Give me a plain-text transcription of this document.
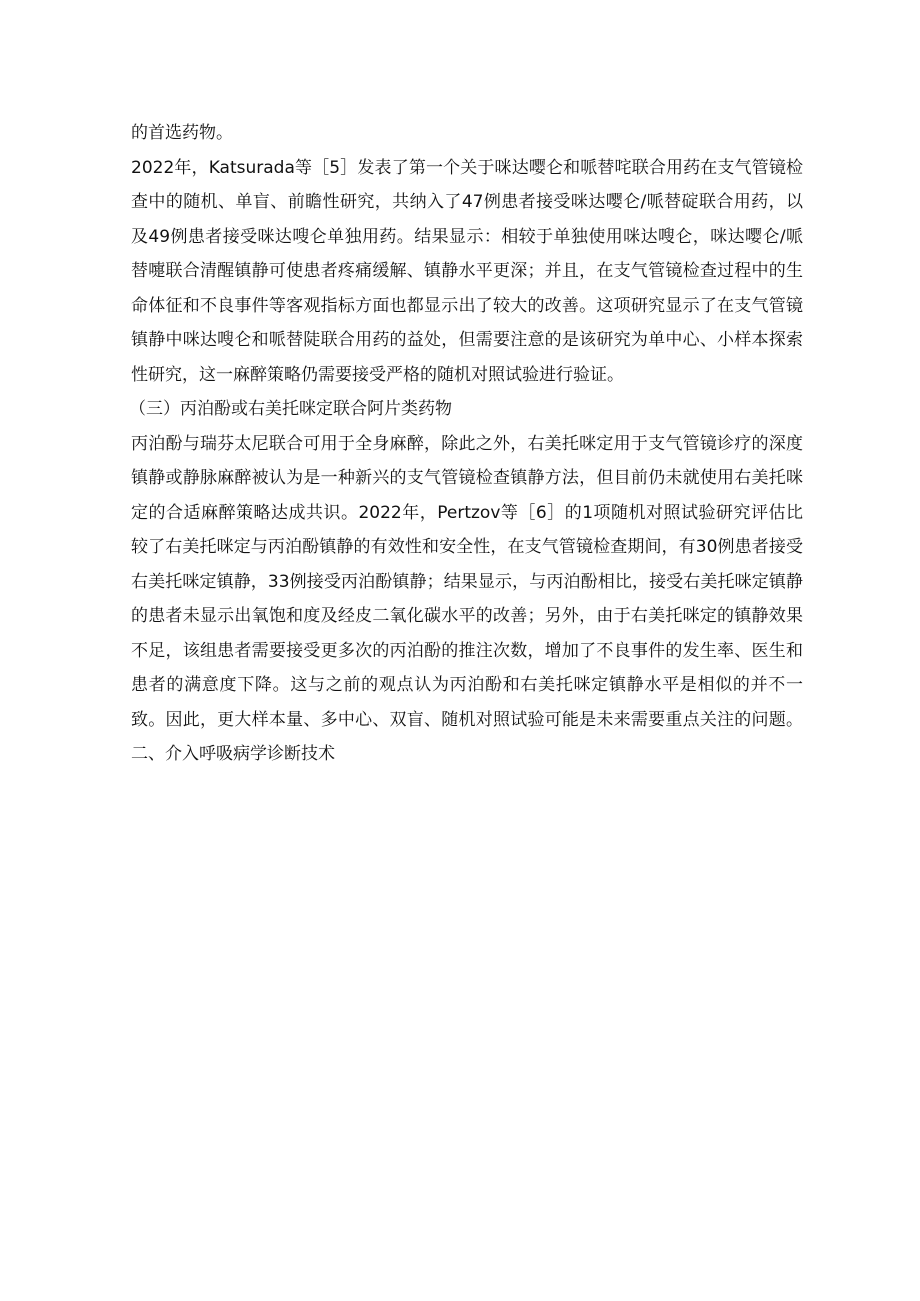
的首选药物。

2022年，Katsurada等［5］发表了第一个关于咪达嘤仑和哌替咤联合用药在支气管镜检查中的随机、单盲、前瞻性研究，共纳入了47例患者接受咪达嘤仑/哌替碇联合用药，以及49例患者接受咪达嗖仑单独用药。结果显示：相较于单独使用咪达嗖仑，咪达嘤仑/哌替嚏联合清醒镇静可使患者疼痛缓解、镇静水平更深；并且，在支气管镜检查过程中的生命体征和不良事件等客观指标方面也都显示出了较大的改善。这项研究显示了在支气管镜镇静中咪达嗖仑和哌替陡联合用药的益处，但需要注意的是该研究为单中心、小样本探索性研究，这一麻醉策略仍需要接受严格的随机对照试验进行验证。

（三）丙泊酚或右美托咪定联合阿片类药物

丙泊酚与瑞芬太尼联合可用于全身麻醉，除此之外，右美托咪定用于支气管镜诊疗的深度镇静或静脉麻醉被认为是一种新兴的支气管镜检查镇静方法，但目前仍未就使用右美托咪定的合适麻醉策略达成共识。2022年，Pertzov等［6］的1项随机对照试验研究评估比较了右美托咪定与丙泊酚镇静的有效性和安全性，在支气管镜检查期间，有30例患者接受右美托咪定镇静，33例接受丙泊酚镇静；结果显示，与丙泊酚相比，接受右美托咪定镇静的患者未显示出氧饱和度及经皮二氧化碳水平的改善；另外，由于右美托咪定的镇静效果不足，该组患者需要接受更多次的丙泊酚的推注次数，增加了不良事件的发生率、医生和患者的满意度下降。这与之前的观点认为丙泊酚和右美托咪定镇静水平是相似的并不一致。因此，更大样本量、多中心、双盲、随机对照试验可能是未来需要重点关注的问题。二、介入呼吸病学诊断技术
